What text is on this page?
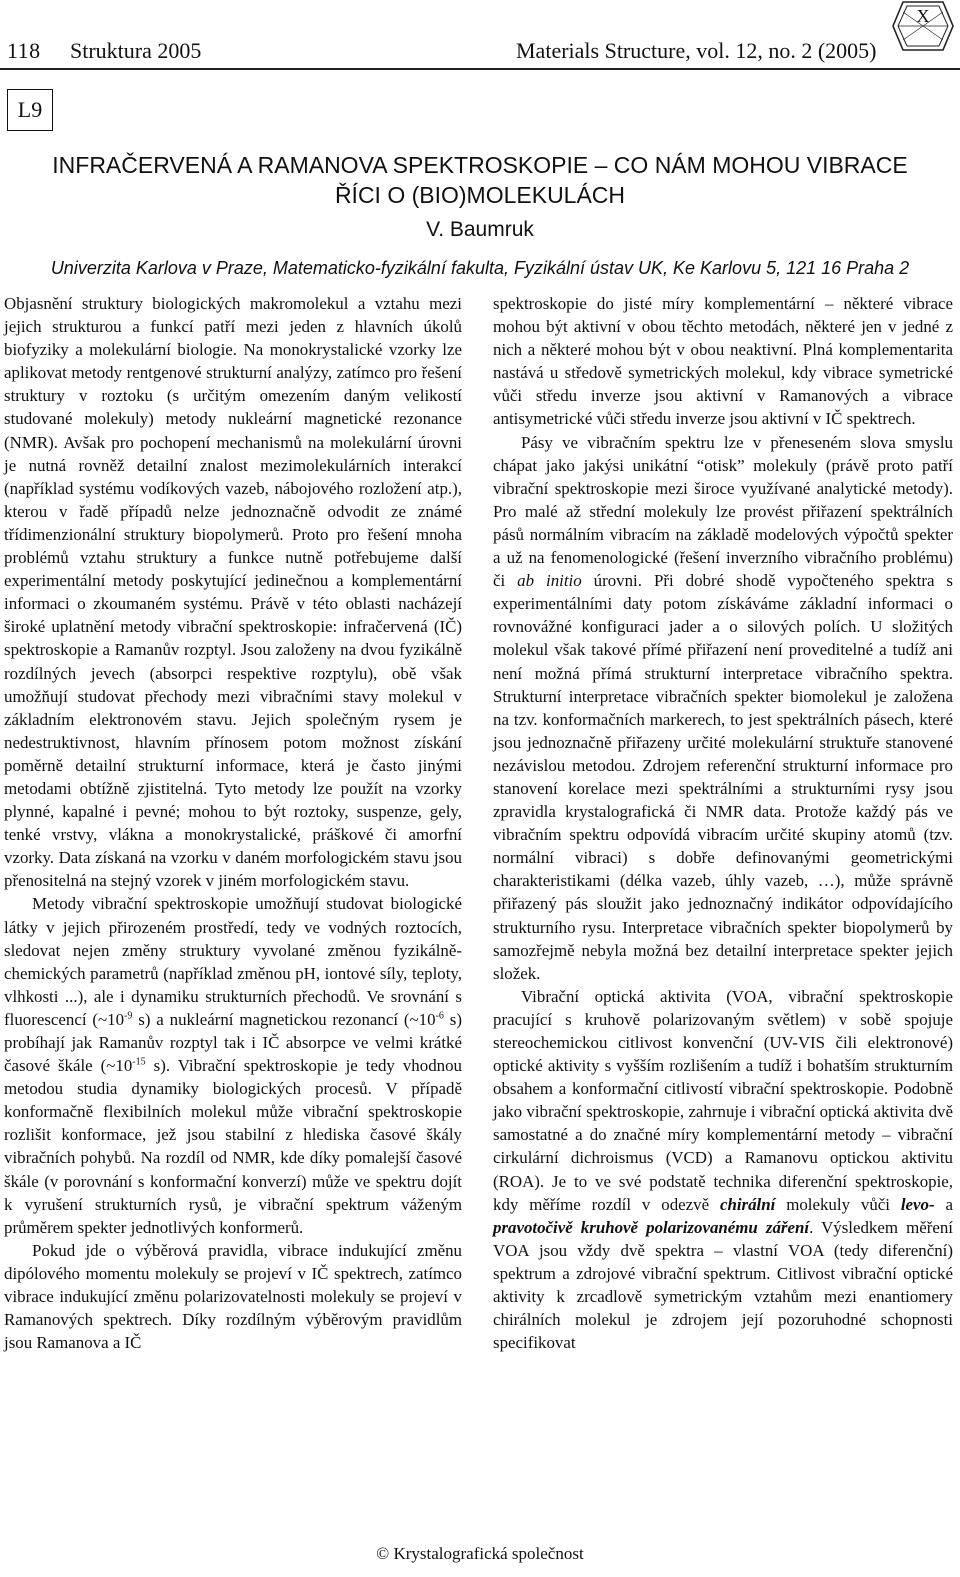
118 Struktura 2005	Materials Structure, vol. 12, no. 2 (2005)
X
L9
INFRAČERVENÁ A RAMANOVA SPEKTROSKOPIE – CO NÁM MOHOU VIBRACE
ŘÍCI O (BIO)MOLEKULÁCH
V. Baumruk
Univerzita Karlova v Praze, Matematicko-fyzikální fakulta, Fyzikální ústav UK, Ke Karlovu 5, 121 16 Praha 2

Objasnění struktury biologických makromolekul a vztahu mezi jejich strukturou a funkcí patří mezi jeden z hlavních úkolů biofyziky a molekulární biologie. Na monokrystalické vzorky lze aplikovat metody rentgenové strukturní analýzy, zatímco pro řešení struktury v roztoku (s určitým omezením daným velikostí studované molekuly) metody nukleární magnetické rezonance (NMR). Avšak pro pochopení mechanismů na molekulární úrovni je nutná rovněž detailní znalost mezimolekulárních interakcí (například systému vodíkových vazeb, nábojového rozložení atp.), kterou v řadě případů nelze jednoznačně odvodit ze známé třídimenzionální struktury biopolymerů. Proto pro řešení mnoha problémů vztahu struktury a funkce nutně potřebujeme další experimentální metody poskytující jedinečnou a komplementární informaci o zkoumaném systému. Právě v této oblasti nacházejí široké uplatnění metody vibrační spektroskopie: infračervená (IČ) spektroskopie a Ramanův rozptyl. Jsou založeny na dvou fyzikálně rozdílných jevech (absorpci respektive rozptylu), obě však umožňují studovat přechody mezi vibračními stavy molekul v základním elektronovém stavu. Jejich společným rysem je nedestruktivnost, hlavním přínosem potom možnost získání poměrně detailní strukturní informace, která je často jinými metodami obtížně zjistitelná. Tyto metody lze použít na vzorky plynné, kapalné i pevné; mohou to být roztoky, suspenze, gely, tenké vrstvy, vlákna a monokrystalické, práškové či amorfní vzorky. Data získaná na vzorku v daném morfologickém stavu jsou přenositelná na stejný vzorek v jiném morfologickém stavu.

Metody vibrační spektroskopie umožňují studovat biologické látky v jejich přirozeném prostředí, tedy ve vodných roztocích, sledovat nejen změny struktury vyvolané změnou fyzikálně-chemických parametrů (například změnou pH, iontové síly, teploty, vlhkosti ...), ale i dynamiku strukturních přechodů. Ve srovnání s fluorescencí ($\sim 10^{-9}$ s) a nukleární magnetickou rezonancí ($\sim 10^{-6}$ s) probíhají jak Ramanův rozptyl tak i IČ absorpce ve velmi krátké časové škále ($\sim 10^{-15}$ s). Vibrační spektroskopie je tedy vhodnou metodou studia dynamiky biologických procesů. V případě konformačně flexibilních molekul může vibrační spektroskopie rozlišit konformace, jež jsou stabilní z hlediska časové škály vibračních pohybů. Na rozdíl od NMR, kde díky pomalejší časové škále (v porovnání s konformační konverzí) může ve spektru dojít k vyrušení strukturních rysů, je vibrační spektrum váženým průměrem spekter jednotlivých konformerů.

Pokud jde o výběrová pravidla, vibrace indukující změnu dipólového momentu molekuly se projeví v IČ spektrech, zatímco vibrace indukující změnu polarizovatelnosti molekuly se projeví v Ramanových spektrech. Díky rozdílným výběrovým pravidlům jsou Ramanova a IČ

spektroskopie do jisté míry komplementární – některé vibrace mohou být aktivní v obou těchto metodách, některé jen v jedné z nich a některé mohou být v obou neaktivní. Plná komplementarita nastává u středově symetrických molekul, kdy vibrace symetrické vůči středu inverze jsou aktivní v Ramanových a vibrace antisymetrické vůči středu inverze jsou aktivní v IČ spektrech.

Pásy ve vibračním spektru lze v přeneseném slova smyslu chápat jako jakýsi unikátní “otisk” molekuly (právě proto patří vibrační spektroskopie mezi široce využívané analytické metody). Pro malé až střední molekuly lze provést přiřazení spektrálních pásů normálním vibracím na základě modelových výpočtů spekter a už na fenomenologické (řešení inverzního vibračního problému) či ab initio úrovni. Při dobré shodě vypočteného spektra s experimentálními daty potom získáváme základní informaci o rovnovážné konfiguraci jader a o silových polích. U složitých molekul však takové přímé přiřazení není proveditelné a tudíž ani není možná přímá strukturní interpretace vibračního spektra. Strukturní interpretace vibračních spekter biomolekul je založena na tzv. konformačních markerech, to jest spektrálních pásech, které jsou jednoznačně přiřazeny určité molekulární struktuře stanovené nezávislou metodou. Zdrojem referenční strukturní informace pro stanovení korelace mezi spektrálními a strukturními rysy jsou zpravidla krystalografická či NMR data. Protože každý pás ve vibračním spektru odpovídá vibracím určité skupiny atomů (tzv. normální vibraci) s dobře definovanými geometrickými charakteristikami (délka vazeb, úhly vazeb, …), může správně přiřazený pás sloužit jako jednoznačný indikátor odpovídajícího strukturního rysu. Interpretace vibračních spekter biopolymerů by samozřejmě nebyla možná bez detailní interpretace spekter jejich složek.

Vibrační optická aktivita (VOA, vibrační spektroskopie pracující s kruhově polarizovaným světlem) v sobě spojuje stereochemickou citlivost konvenční (UV-VIS čili elektronové) optické aktivity s vyšším rozlišením a tudíž i bohatším strukturním obsahem a konformační citlivostí vibrační spektroskopie. Podobně jako vibrační spektroskopie, zahrnuje i vibrační optická aktivita dvě samostatné a do značné míry komplementární metody – vibrační cirkulární dichroismus (VCD) a Ramanovu optickou aktivitu (ROA). Je to ve své podstatě technika diferenční spektroskopie, kdy měříme rozdíl v odezvě chirální molekuly vůči levo- a pravotočivě kruhově polarizovanému záření. Výsledkem měření VOA jsou vždy dvě spektra – vlastní VOA (tedy diferenční) spektrum a zdrojové vibrační spektrum. Citlivost vibrační optické aktivity k zrcadlově symetrickým vztahům mezi enantiomery chirálních molekul je zdrojem její pozoruhodné schopnosti specifikovat

© Krystalografická společnost
